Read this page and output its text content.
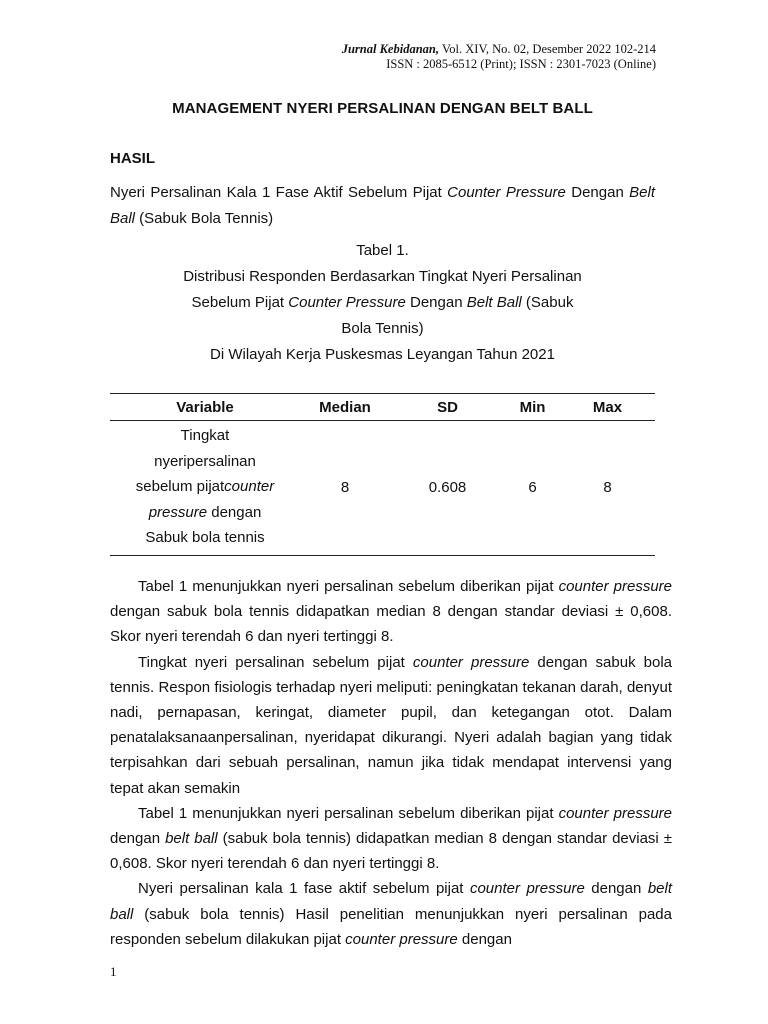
Jurnal Kebidanan, Vol. XIV, No. 02, Desember 2022 102-214
ISSN : 2085-6512 (Print); ISSN : 2301-7023 (Online)
MANAGEMENT NYERI PERSALINAN DENGAN BELT BALL
HASIL
Nyeri Persalinan Kala 1 Fase Aktif Sebelum Pijat Counter Pressure Dengan Belt Ball (Sabuk Bola Tennis)
Tabel 1.
Distribusi Responden Berdasarkan Tingkat Nyeri Persalinan
Sebelum Pijat Counter Pressure Dengan Belt Ball (Sabuk
Bola Tennis)
Di Wilayah Kerja Puskesmas Leyangan Tahun 2021
Variable	Median	SD	Min	Max

Tingkat
nyeripersalinan
sebelum pijatcounter
pressure dengan
Sabuk bola tennis	8	0.608	6	8

Tabel 1 menunjukkan nyeri persalinan sebelum diberikan pijat counter pressure dengan sabuk bola tennis didapatkan median 8 dengan standar deviasi ± 0,608. Skor nyeri terendah 6 dan nyeri tertinggi 8.

Tingkat nyeri persalinan sebelum pijat counter pressure dengan sabuk bola tennis. Respon fisiologis terhadap nyeri meliputi: peningkatan tekanan darah, denyut nadi, pernapasan, keringat, diameter pupil, dan ketegangan otot. Dalam penatalaksanaanpersalinan, nyeridapat dikurangi. Nyeri adalah bagian yang tidak terpisahkan dari sebuah persalinan, namun jika tidak mendapat intervensi yang tepat akan semakin

Tabel 1 menunjukkan nyeri persalinan sebelum diberikan pijat counter pressure dengan belt ball (sabuk bola tennis) didapatkan median 8 dengan standar deviasi ± 0,608. Skor nyeri terendah 6 dan nyeri tertinggi 8.

Nyeri persalinan kala 1 fase aktif sebelum pijat counter pressure dengan belt ball (sabuk bola tennis) Hasil penelitian menunjukkan nyeri persalinan pada responden sebelum dilakukan pijat counter pressure dengan

1
